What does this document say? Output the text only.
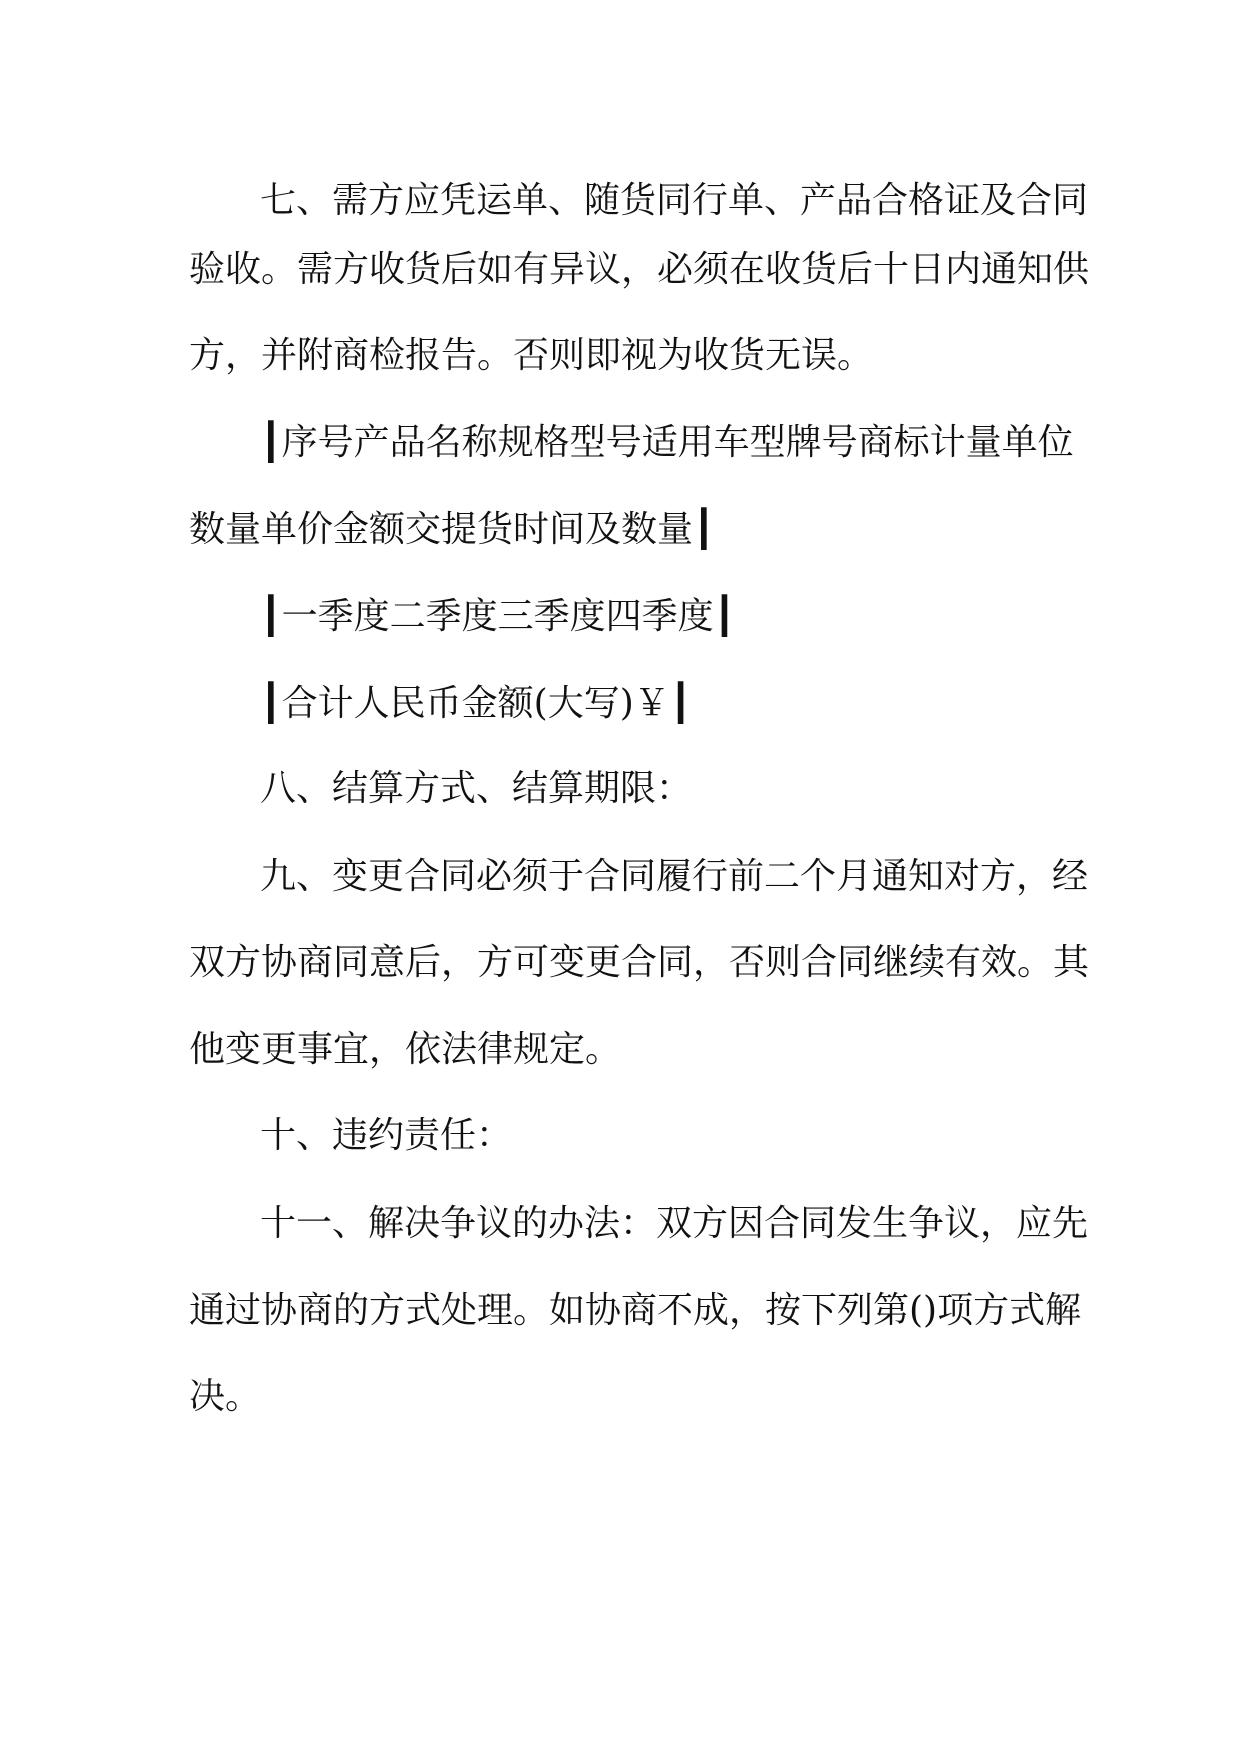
七、需方应凭运单、随货同行单、产品合格证及合同
验收。需方收货后如有异议，必须在收货后十日内通知供
方，并附商检报告。否则即视为收货无误。
┃序号产品名称规格型号适用车型牌号商标计量单位
数量单价金额交提货时间及数量┃
┃一季度二季度三季度四季度┃
┃合计人民币金额(大写)￥┃
八、结算方式、结算期限：
九、变更合同必须于合同履行前二个月通知对方，经
双方协商同意后，方可变更合同，否则合同继续有效。其
他变更事宜，依法律规定。
十、违约责任：
十一、解决争议的办法：双方因合同发生争议，应先
通过协商的方式处理。如协商不成，按下列第()项方式解
决。
